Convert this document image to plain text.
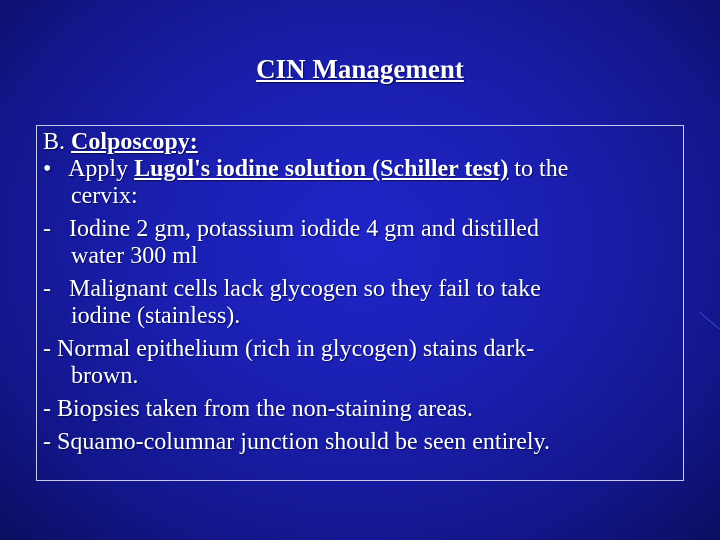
CIN Management
B. Colposcopy:
• Apply Lugol's iodine solution (Schiller test) to the
cervix:
- Iodine 2 gm, potassium iodide 4 gm and distilled
water 300 ml
- Malignant cells lack glycogen so they fail to take
iodine (stainless).
- Normal epithelium (rich in glycogen) stains dark-
brown.
- Biopsies taken from the non-staining areas.
- Squamo-columnar junction should be seen entirely.
